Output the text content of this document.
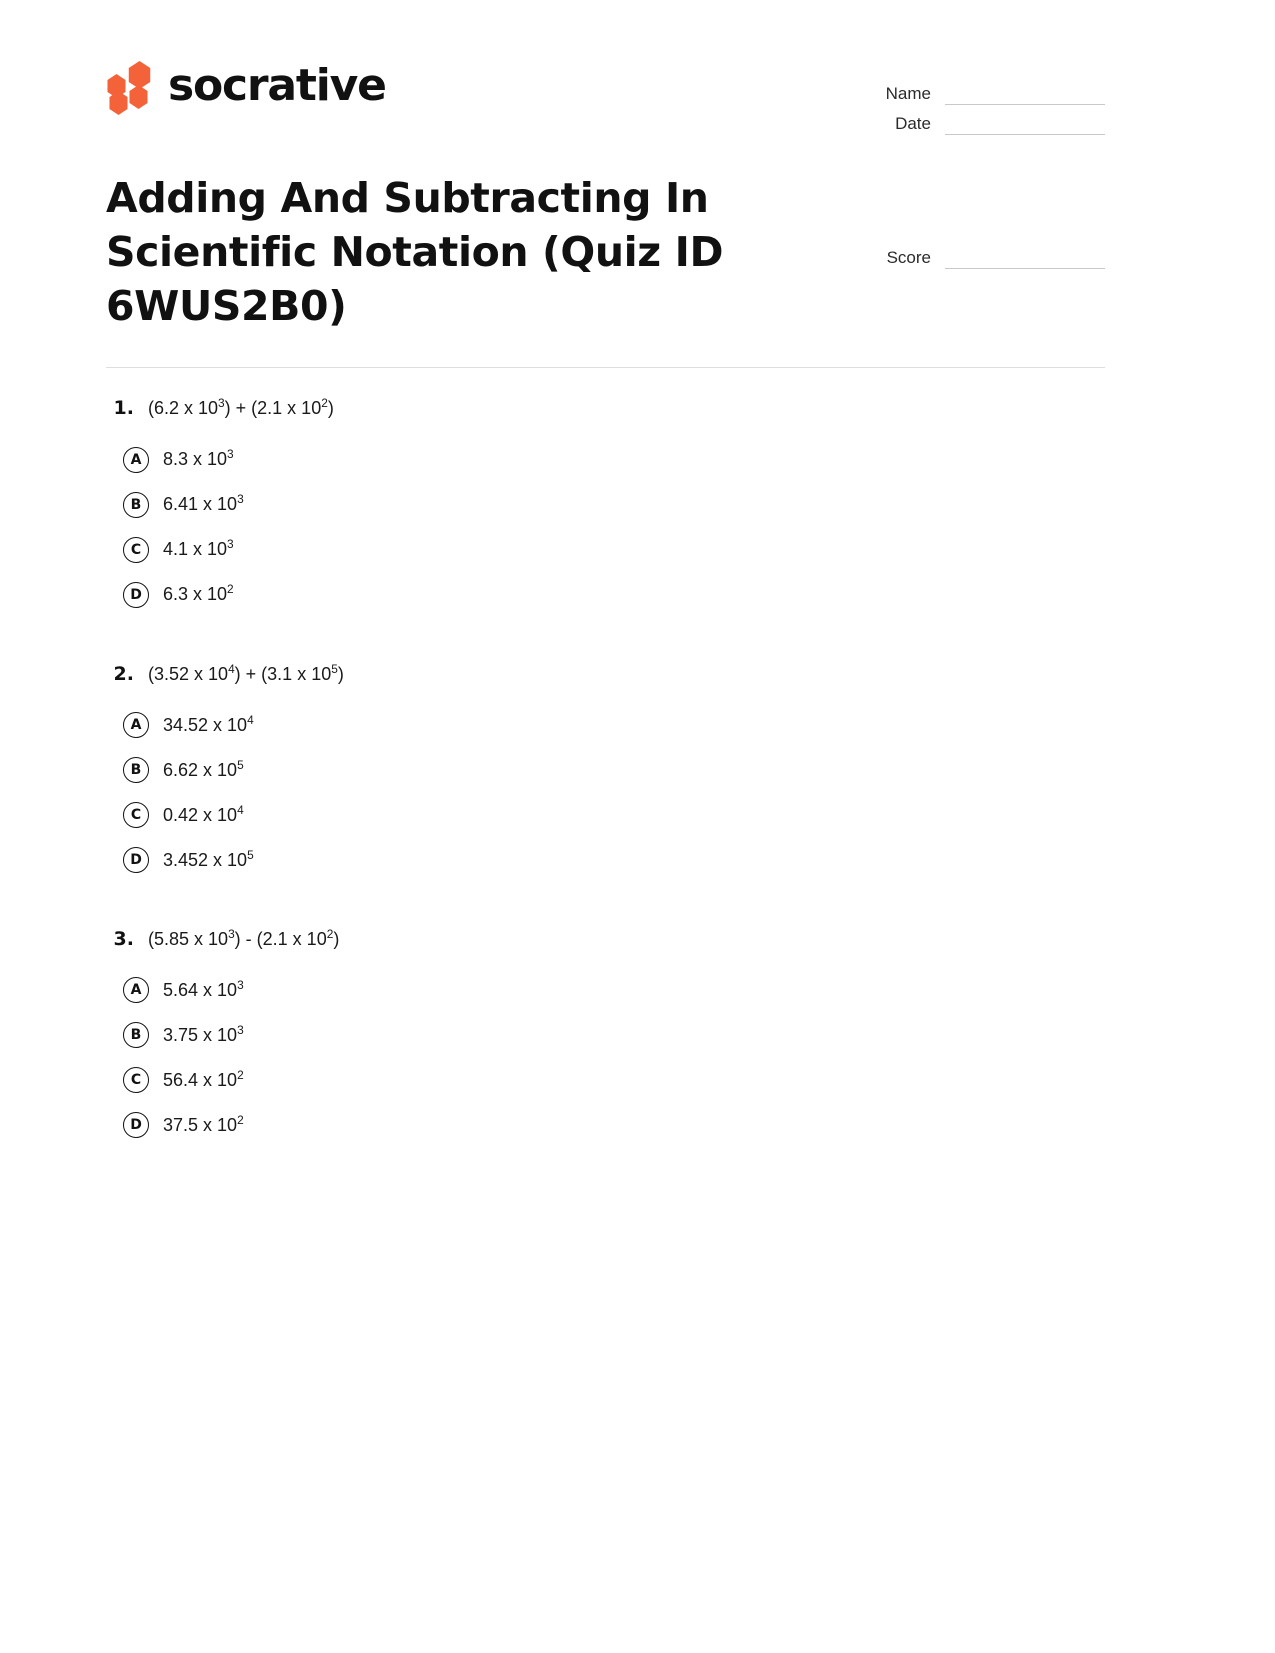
socrative	Name
Date
Adding And Subtracting In Scientific Notation (Quiz ID 6WUS2B0)
Score
1. (6.2 x $10^3) + (2.1$ x $10^2$)
A	8.3 x $10^3$
B	6.41 x $10^3$
C	4.1 x $10^3$
D	6.3 x $10^2$
2. (3.52 x $10^4) + (3.1$ x $10^5$)
A	34.52 x $10^4$
B	6.62 x $10^5$
C	0.42 x $10^4$
D	3.452 x $10^5$
3. (5.85 x $10^3) - (2.1$ x $10^2$)
A	5.64 x $10^3$
B	3.75 x $10^3$
C	56.4 x $10^2$
D	37.5 x $10^2$
